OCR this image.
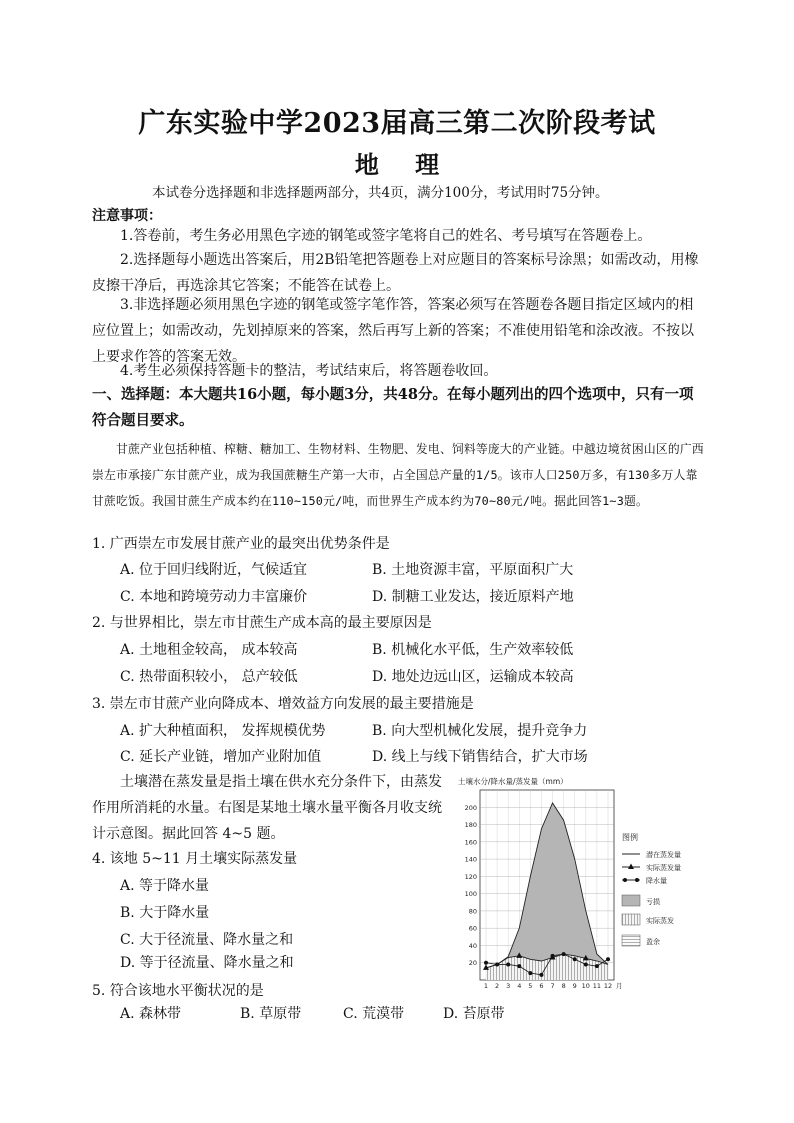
广东实验中学2023届高三第二次阶段考试
地 理

本试卷分选择题和非选择题两部分，共4页，满分100分，考试用时75分钟。

注意事项：

1.答卷前，考生务必用黑色字迹的钢笔或签字笔将自己的姓名、考号填写在答题卷上。

2.选择题每小题选出答案后，用2B铅笔把答题卷上对应题目的答案标号涂黑；如需改动，用橡皮擦干净后，再选涂其它答案；不能答在试卷上。

3.非选择题必须用黑色字迹的钢笔或签字笔作答，答案必须写在答题卷各题目指定区域内的相应位置上；如需改动，先划掉原来的答案，然后再写上新的答案；不准使用铅笔和涂改液。不按以上要求作答的答案无效。

4.考生必须保持答题卡的整洁，考试结束后，将答题卷收回。

一、选择题：本大题共16小题，每小题3分，共48分。在每小题列出的四个选项中，只有一项符合题目要求。

甘蔗产业包括种植、榨糖、糖加工、生物材料、生物肥、发电、饲料等庞大的产业链。中越边境贫困山区的广西崇左市承接广东甘蔗产业，成为我国蔗糖生产第一大市，占全国总产量的1/5。该市人口250万多，有130多万人靠甘蔗吃饭。我国甘蔗生产成本约在110~150元/吨，而世界生产成本约为70~80元/吨。据此回答1~3题。

1. 广西崇左市发展甘蔗产业的最突出优势条件是

A. 位于回归线附近，气候适宜	B. 土地资源丰富，平原面积广大

C. 本地和跨境劳动力丰富廉价	D. 制糖工业发达，接近原料产地

2. 与世界相比，崇左市甘蔗生产成本高的最主要原因是

A. 土地租金较高， 成本较高	B. 机械化水平低，生产效率较低

C. 热带面积较小， 总产较低	D. 地处边远山区，运输成本较高

3. 崇左市甘蔗产业向降成本、增效益方向发展的最主要措施是

A. 扩大种植面积， 发挥规模优势	B. 向大型机械化发展，提升竞争力

C. 延长产业链，增加产业附加值	D. 线上与线下销售结合，扩大市场

土壤潜在蒸发量是指土壤在供水充分条件下，由蒸发作用所消耗的水量。右图是某地土壤水量平衡各月收支统计示意图。据此回答 4~5 题。

4. 该地 5~11 月土壤实际蒸发量

A. 等于降水量

B. 大于降水量

C. 大于径流量、降水量之和

D. 等于径流量、降水量之和

5. 符合该地水平衡状况的是

A. 森林带	B. 草原带	C. 荒漠带	D. 苔原带

土壤水分/降水量/蒸发量（mm）
20
40
60
80
100
120
140
160
180
200
1 2 3 4 5 6 7 8 9 10 11 12 月
图例
潜在蒸发量
实际蒸发量
降水量
亏损
实际蒸发
盈余
